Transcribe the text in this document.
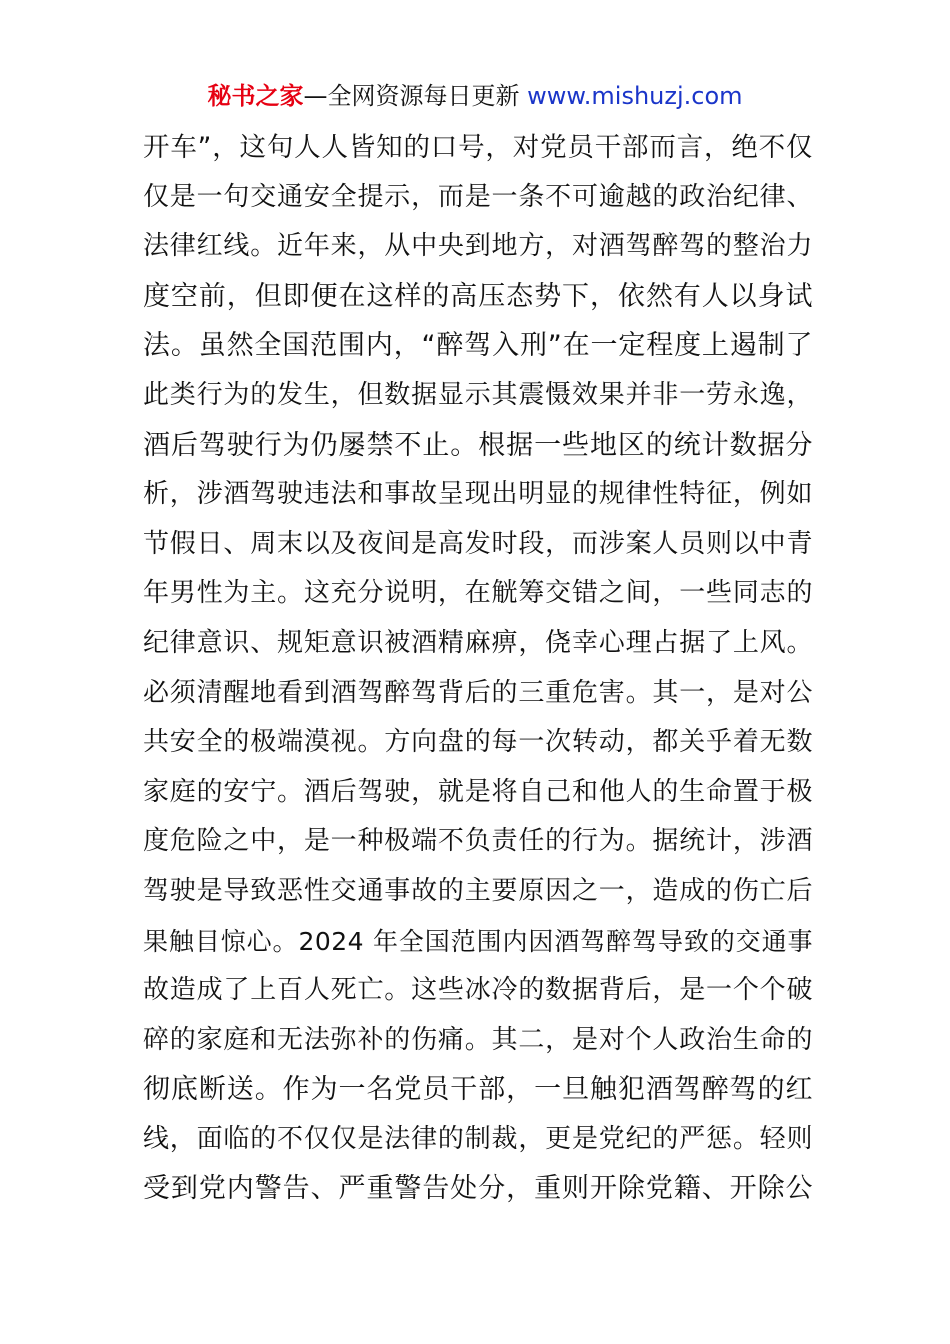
秘书之家—全网资源每日更新 www.mishuzj.com
开车”，这句人人皆知的口号，对党员干部而言，绝不仅
仅是一句交通安全提示，而是一条不可逾越的政治纪律、
法律红线。近年来，从中央到地方，对酒驾醉驾的整治力
度空前，但即便在这样的高压态势下，依然有人以身试
法。虽然全国范围内，“醉驾入刑”在一定程度上遏制了
此类行为的发生，但数据显示其震慑效果并非一劳永逸，
酒后驾驶行为仍屡禁不止。根据一些地区的统计数据分
析，涉酒驾驶违法和事故呈现出明显的规律性特征，例如
节假日、周末以及夜间是高发时段，而涉案人员则以中青
年男性为主。这充分说明，在觥筹交错之间，一些同志的
纪律意识、规矩意识被酒精麻痹，侥幸心理占据了上风。
必须清醒地看到酒驾醉驾背后的三重危害。其一，是对公
共安全的极端漠视。方向盘的每一次转动，都关乎着无数
家庭的安宁。酒后驾驶，就是将自己和他人的生命置于极
度危险之中，是一种极端不负责任的行为。据统计，涉酒
驾驶是导致恶性交通事故的主要原因之一，造成的伤亡后
果触目惊心。2024 年全国范围内因酒驾醉驾导致的交通事
故造成了上百人死亡。这些冰冷的数据背后，是一个个破
碎的家庭和无法弥补的伤痛。其二，是对个人政治生命的
彻底断送。作为一名党员干部，一旦触犯酒驾醉驾的红
线，面临的不仅仅是法律的制裁，更是党纪的严惩。轻则
受到党内警告、严重警告处分，重则开除党籍、开除公
